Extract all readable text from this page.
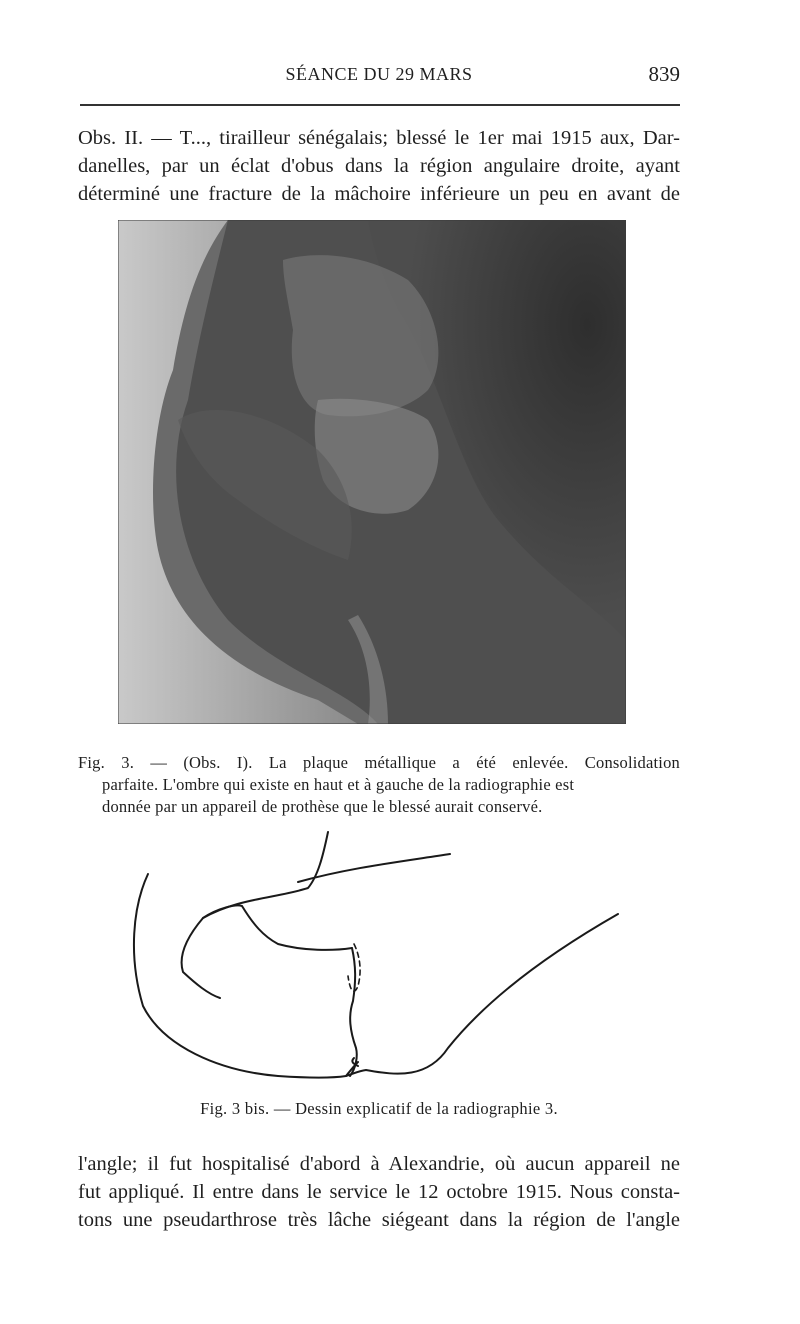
SÉANCE DU 29 MARS	839

Obs. II. — T..., tirailleur sénégalais; blessé le 1er mai 1915 aux, Dar-
danelles, par un éclat d'obus dans la région angulaire droite, ayant
déterminé une fracture de la mâchoire inférieure un peu en avant de

Fig. 3. — (Obs. I). La plaque métallique a été enlevée. Consolidation
parfaite. L'ombre qui existe en haut et à gauche de la radiographie est
donnée par un appareil de prothèse que le blessé aurait conservé.
Fig. 3 bis. — Dessin explicatif de la radiographie 3.

l'angle; il fut hospitalisé d'abord à Alexandrie, où aucun appareil ne
fut appliqué. Il entre dans le service le 12 octobre 1915. Nous consta-
tons une pseudarthrose très lâche siégeant dans la région de l'angle
